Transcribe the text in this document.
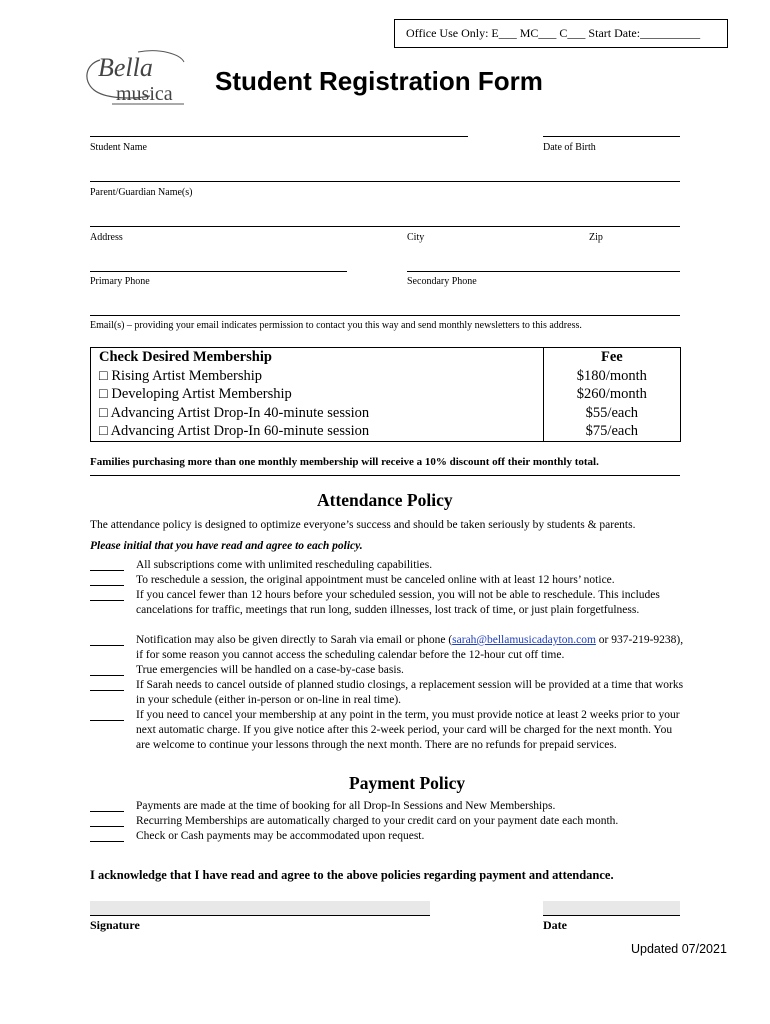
Office Use Only: E___ MC___ C___ Start Date:__________
Bella
musica Student Registration Form
Student Name	Date of Birth
Parent/Guardian Name(s)
Address	City	Zip
Primary Phone	Secondary Phone
Email(s) – providing your email indicates permission to contact you this way and send monthly newsletters to this address.
Check Desired Membership	Fee
□ Rising Artist Membership	$180/month
□ Developing Artist Membership	$260/month
□ Advancing Artist Drop-In 40-minute session	$55/each
□ Advancing Artist Drop-In 60-minute session	$75/each
Families purchasing more than one monthly membership will receive a 10% discount off their monthly total.
Attendance Policy
The attendance policy is designed to optimize everyone’s success and should be taken seriously by students & parents.
Please initial that you have read and agree to each policy.
All subscriptions come with unlimited rescheduling capabilities.
To reschedule a session, the original appointment must be canceled online with at least 12 hours’ notice.
If you cancel fewer than 12 hours before your scheduled session, you will not be able to reschedule. This includes cancelations for traffic, meetings that run long, sudden illnesses, lost track of time, or just plain forgetfulness.
Notification may also be given directly to Sarah via email or phone (sarah@bellamusicadayton.com or 937-219-9238), if for some reason you cannot access the scheduling calendar before the 12-hour cut off time.
True emergencies will be handled on a case-by-case basis.
If Sarah needs to cancel outside of planned studio closings, a replacement session will be provided at a time that works in your schedule (either in-person or on-line in real time).
If you need to cancel your membership at any point in the term, you must provide notice at least 2 weeks prior to your next automatic charge. If you give notice after this 2-week period, your card will be charged for the next month. You are welcome to continue your lessons through the next month. There are no refunds for prepaid services.
Payment Policy
Payments are made at the time of booking for all Drop-In Sessions and New Memberships.
Recurring Memberships are automatically charged to your credit card on your payment date each month.
Check or Cash payments may be accommodated upon request.
I acknowledge that I have read and agree to the above policies regarding payment and attendance.
Signature	Date
Updated 07/2021
